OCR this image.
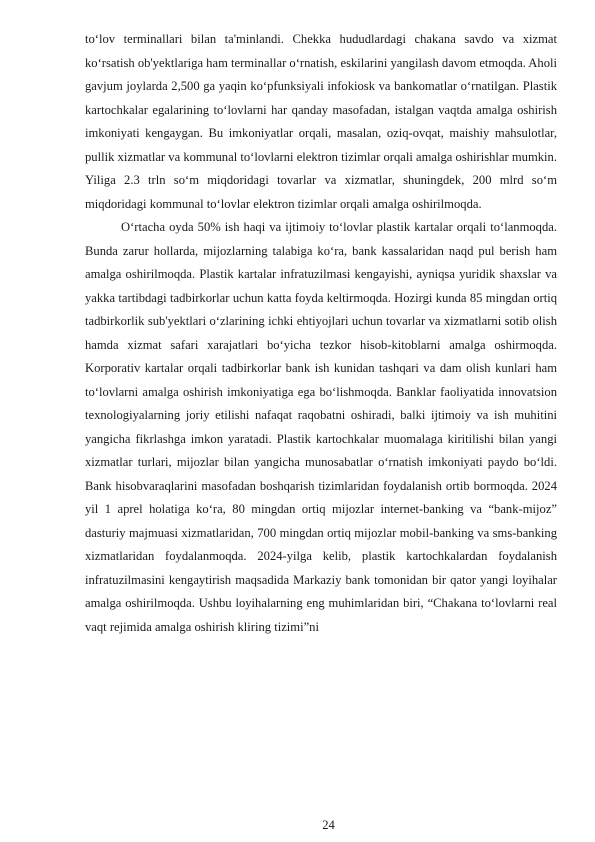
to‘lov terminallari bilan ta'minlandi. Chekka hududlardagi chakana savdo va xizmat ko‘rsatish ob'yektlariga ham terminallar o‘rnatish, eskilarini yangilash davom etmoqda. Aholi gavjum joylarda 2,500 ga yaqin ko‘pfunksiyali infokiosk va bankomatlar o‘rnatilgan. Plastik kartochkalar egalarining to‘lovlarni har qanday masofadan, istalgan vaqtda amalga oshirish imkoniyati kengaygan. Bu imkoniyatlar orqali, masalan, oziq-ovqat, maishiy mahsulotlar, pullik xizmatlar va kommunal to‘lovlarni elektron tizimlar orqali amalga oshirishlar mumkin. Yiliga 2.3 trln so‘m miqdoridagi tovarlar va xizmatlar, shuningdek, 200 mlrd so‘m miqdoridagi kommunal to‘lovlar elektron tizimlar orqali amalga oshirilmoqda.

O‘rtacha oyda 50% ish haqi va ijtimoiy to‘lovlar plastik kartalar orqali to‘lanmoqda. Bunda zarur hollarda, mijozlarning talabiga ko‘ra, bank kassalaridan naqd pul berish ham amalga oshirilmoqda. Plastik kartalar infratuzilmasi kengayishi, ayniqsa yuridik shaxslar va yakka tartibdagi tadbirkorlar uchun katta foyda keltirmoqda. Hozirgi kunda 85 mingdan ortiq tadbirkorlik sub'yektlari o‘zlarining ichki ehtiyojlari uchun tovarlar va xizmatlarni sotib olish hamda xizmat safari xarajatlari bo‘yicha tezkor hisob-kitoblarni amalga oshirmoqda. Korporativ kartalar orqali tadbirkorlar bank ish kunidan tashqari va dam olish kunlari ham to‘lovlarni amalga oshirish imkoniyatiga ega bo‘lishmoqda. Banklar faoliyatida innovatsion texnologiyalarning joriy etilishi nafaqat raqobatni oshiradi, balki ijtimoiy va ish muhitini yangicha fikrlashga imkon yaratadi. Plastik kartochkalar muomalaga kiritilishi bilan yangi xizmatlar turlari, mijozlar bilan yangicha munosabatlar o‘rnatish imkoniyati paydo bo‘ldi. Bank hisobvaraqlarini masofadan boshqarish tizimlaridan foydalanish ortib bormoqda. 2024 yil 1 aprel holatiga ko‘ra, 80 mingdan ortiq mijozlar internet-banking va “bank-mijoz” dasturiy majmuasi xizmatlaridan, 700 mingdan ortiq mijozlar mobil-banking va sms-banking xizmatlaridan foydalanmoqda. 2024-yilga kelib, plastik kartochkalardan foydalanish infratuzilmasini kengaytirish maqsadida Markaziy bank tomonidan bir qator yangi loyihalar amalga oshirilmoqda. Ushbu loyihalarning eng muhimlaridan biri, “Chakana to‘lovlarni real vaqt rejimida amalga oshirish kliring tizimi”ni

24
